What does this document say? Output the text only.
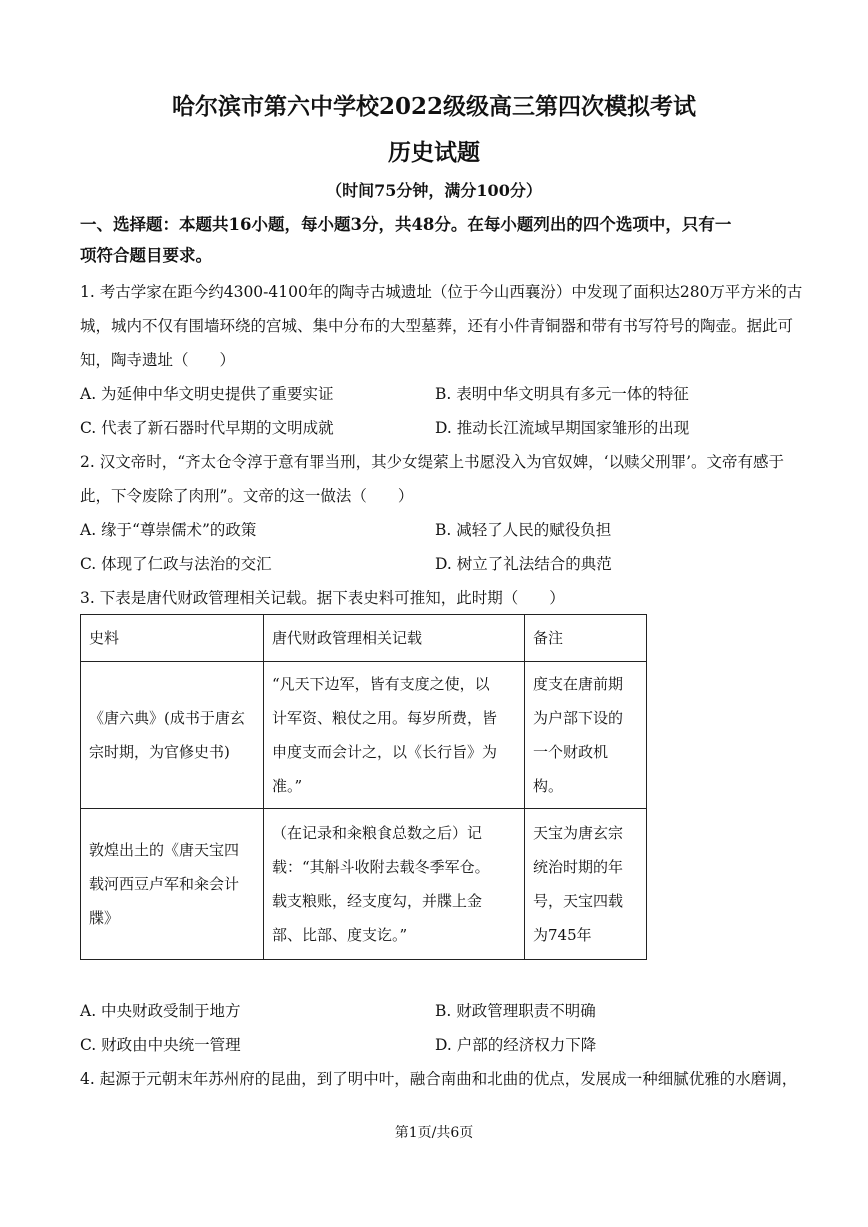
哈尔滨市第六中学校2022级级高三第四次模拟考试
历史试题
（时间75分钟，满分100分）
一、选择题：本题共16小题，每小题3分，共48分。在每小题列出的四个选项中，只有一
项符合题目要求。
1. 考古学家在距今约4300-4100年的陶寺古城遗址（位于今山西襄汾）中发现了面积达280万平方米的古
城，城内不仅有围墙环绕的宫城、集中分布的大型墓葬，还有小件青铜器和带有书写符号的陶壶。据此可
知，陶寺遗址（　　）
A. 为延伸中华文明史提供了重要实证	B. 表明中华文明具有多元一体的特征
C. 代表了新石器时代早期的文明成就	D. 推动长江流域早期国家雏形的出现
2. 汉文帝时，“齐太仓令淳于意有罪当刑，其少女缇萦上书愿没入为官奴婢，‘以赎父刑罪’。文帝有感于
此，下令废除了肉刑”。文帝的这一做法（　　）
A. 缘于“尊崇儒术”的政策	B. 减轻了人民的赋役负担
C. 体现了仁政与法治的交汇	D. 树立了礼法结合的典范
3. 下表是唐代财政管理相关记载。据下表史料可推知，此时期（　　）
史料	唐代财政管理相关记载	备注

《唐六典》(成书于唐玄
宗时期，为官修史书)	“凡天下边军，皆有支度之使，以
计军资、粮仗之用。每岁所费，皆
申度支而会计之，以《长行旨》为
准。”	度支在唐前期
为户部下设的
一个财政机
构。

敦煌出土的《唐天宝四
载河西豆卢军和籴会计
牒》	（在记录和籴粮食总数之后）记
载：“其斛斗收附去载冬季军仓。
载支粮账，经支度勾，并牒上金
部、比部、度支讫。”	天宝为唐玄宗
统治时期的年
号，天宝四载
为745年
A. 中央财政受制于地方	B. 财政管理职责不明确
C. 财政由中央统一管理	D. 户部的经济权力下降
4. 起源于元朝末年苏州府的昆曲，到了明中叶，融合南曲和北曲的优点，发展成一种细腻优雅的水磨调，
第1页/共6页
